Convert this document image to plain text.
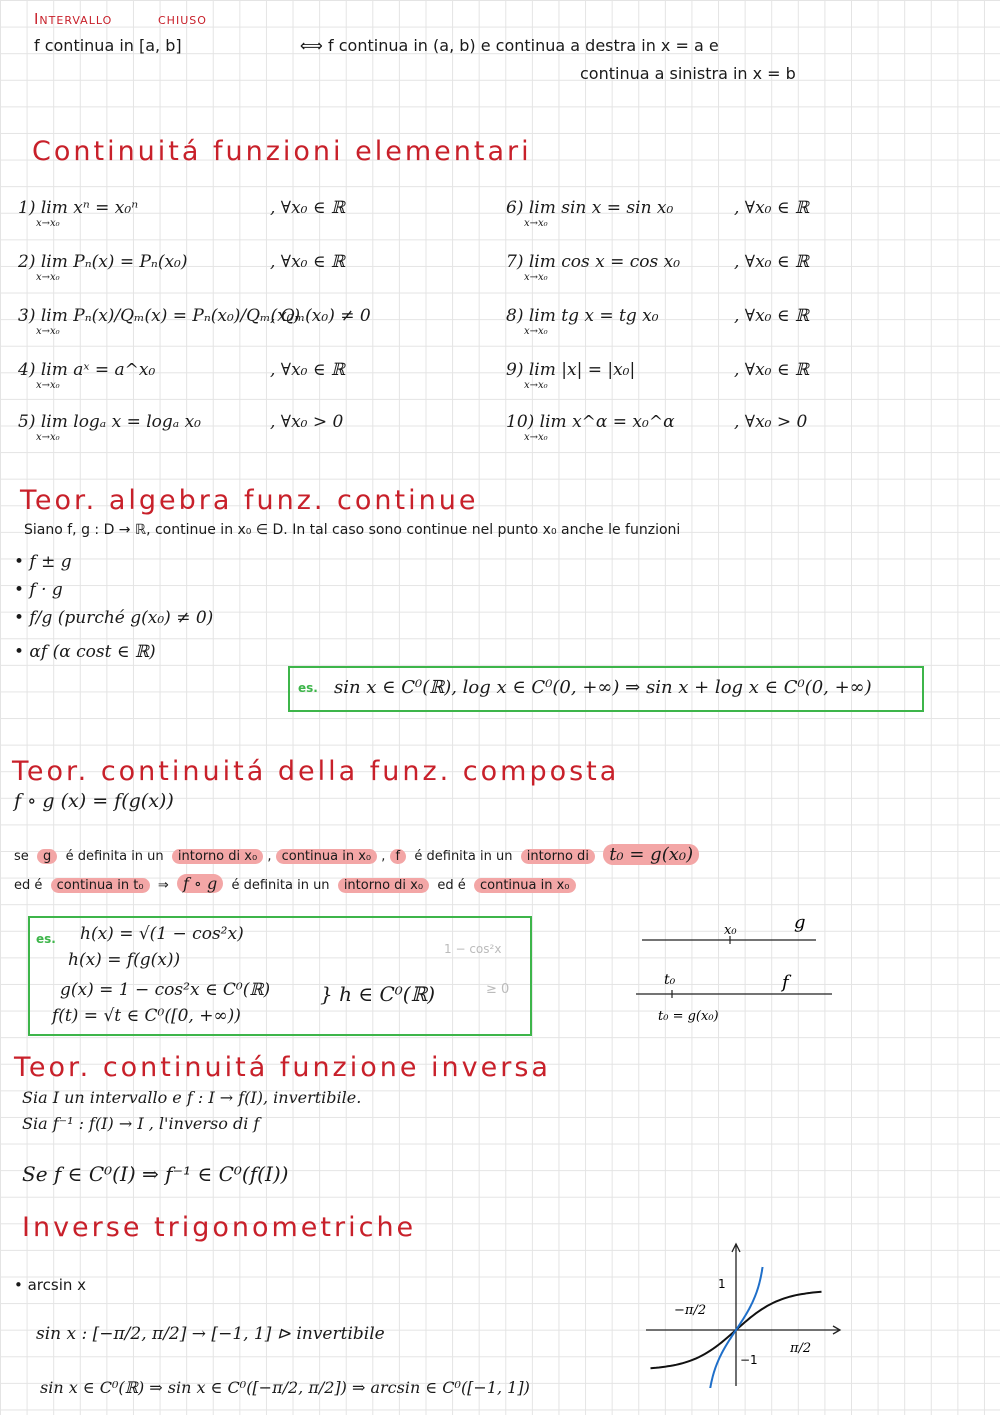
Intervallo	chiuso
f continua in [a, b]	⟺ f continua in (a, b) e continua a destra in x = a e
continua a sinistra in x = b
Continuitá funzioni elementari
1) lim xⁿ = x₀ⁿ
x→x₀
, ∀x₀ ∈ ℝ
2) lim Pₙ(x) = Pₙ(x₀)
x→x₀
, ∀x₀ ∈ ℝ
3) lim Pₙ(x)/Qₘ(x) = Pₙ(x₀)/Qₘ(x₀)
x→x₀
, Qₘ(x₀) ≠ 0
4) lim aˣ = a^x₀
x→x₀
, ∀x₀ ∈ ℝ
5) lim logₐ x = logₐ x₀
x→x₀
, ∀x₀ > 0
6) lim sin x = sin x₀
x→x₀
, ∀x₀ ∈ ℝ
7) lim cos x = cos x₀
x→x₀
, ∀x₀ ∈ ℝ
8) lim tg x = tg x₀
x→x₀
, ∀x₀ ∈ ℝ
9) lim |x| = |x₀|
x→x₀
, ∀x₀ ∈ ℝ
10) lim x^α = x₀^α
x→x₀
, ∀x₀ > 0
Teor. algebra funz. continue
Siano f, g : D → ℝ, continue in x₀ ∈ D. In tal caso sono continue nel punto x₀ anche le funzioni
• f ± g
• f · g
• f/g (purché g(x₀) ≠ 0)
• αf (α cost ∈ ℝ)
es. sin x ∈ C⁰(ℝ), log x ∈ C⁰(0, +∞) ⇒ sin x + log x ∈ C⁰(0, +∞)
Teor. continuitá della funz. composta
f ∘ g (x) = f(g(x))
se g é definita in un intorno di x₀ , continua in x₀ , f é definita in un intorno di t₀ = g(x₀)
ed é continua in t₀ ⇒ f ∘ g é definita in un intorno di x₀ ed é continua in x₀
es. h(x) = √(1 − cos²x)
h(x) = f(g(x))
g(x) = 1 − cos²x ∈ C⁰(ℝ)
f(t) = √t ∈ C⁰([0, +∞))
} h ∈ C⁰(ℝ)
1 − cos²x
≥ 0
x₀	g
t₀	f
t₀ = g(x₀)
Teor. continuitá funzione inversa
Sia I un intervallo e f : I → f(I), invertibile.
Sia f⁻¹ : f(I) → I , l'inverso di f
Se f ∈ C⁰(I) ⇒ f⁻¹ ∈ C⁰(f(I))
Inverse trigonometriche
• arcsin x
sin x : [−π/2, π/2] → [−1, 1] ⊳ invertibile
sin x ∈ C⁰(ℝ) ⇒ sin x ∈ C⁰([−π/2, π/2]) ⇒ arcsin ∈ C⁰([−1, 1])
−π/2
π/2
1
−1
